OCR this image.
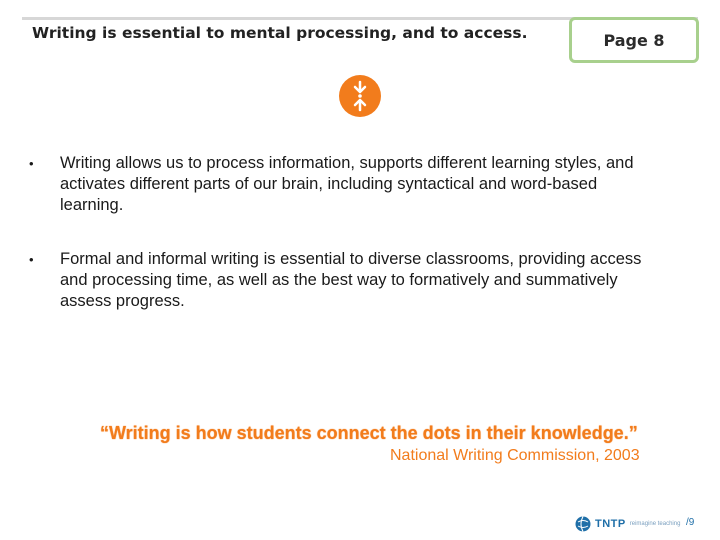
Writing is essential to mental processing, and to access.	Page 8
• Writing allows us to process information, supports different learning styles, and activates different parts of our brain, including syntactical and word-based learning.
• Formal and informal writing is essential to diverse classrooms, providing access and processing time, as well as the best way to formatively and summatively assess progress.
“Writing is how students connect the dots in their knowledge.”
National Writing Commission, 2003
TNTP reimagine teaching /9
